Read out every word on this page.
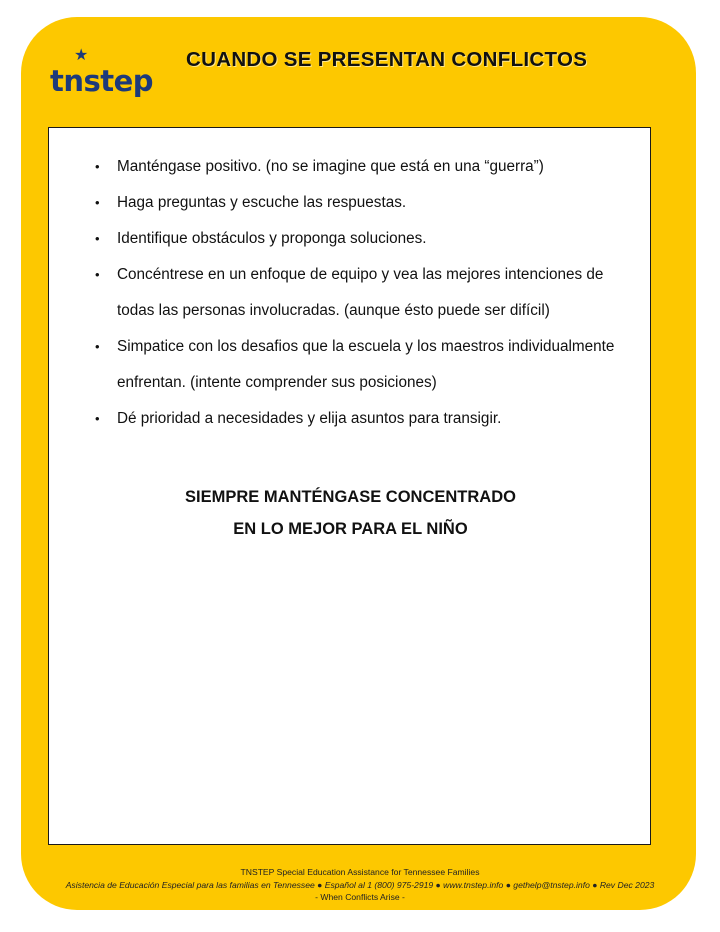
★
tnstep
CUANDO SE PRESENTAN CONFLICTOS
• Manténgase positivo. (no se imagine que está en una “guerra”)
• Haga preguntas y escuche las respuestas.
• Identifique obstáculos y proponga soluciones.
• Concéntrese en un enfoque de equipo y vea las mejores intenciones de todas las personas involucradas. (aunque ésto puede ser difícil)
• Simpatice con los desafios que la escuela y los maestros individualmente enfrentan. (intente comprender sus posiciones)
• Dé prioridad a necesidades y elija asuntos para transigir.
SIEMPRE MANTÉNGASE CONCENTRADO
EN LO MEJOR PARA EL NIÑO
TNSTEP Special Education Assistance for Tennessee Families
Asistencia de Educación Especial para las familias en Tennessee ● Español al 1 (800) 975-2919 ● www.tnstep.info ● gethelp@tnstep.info ● Rev Dec 2023
- When Conflicts Arise -
